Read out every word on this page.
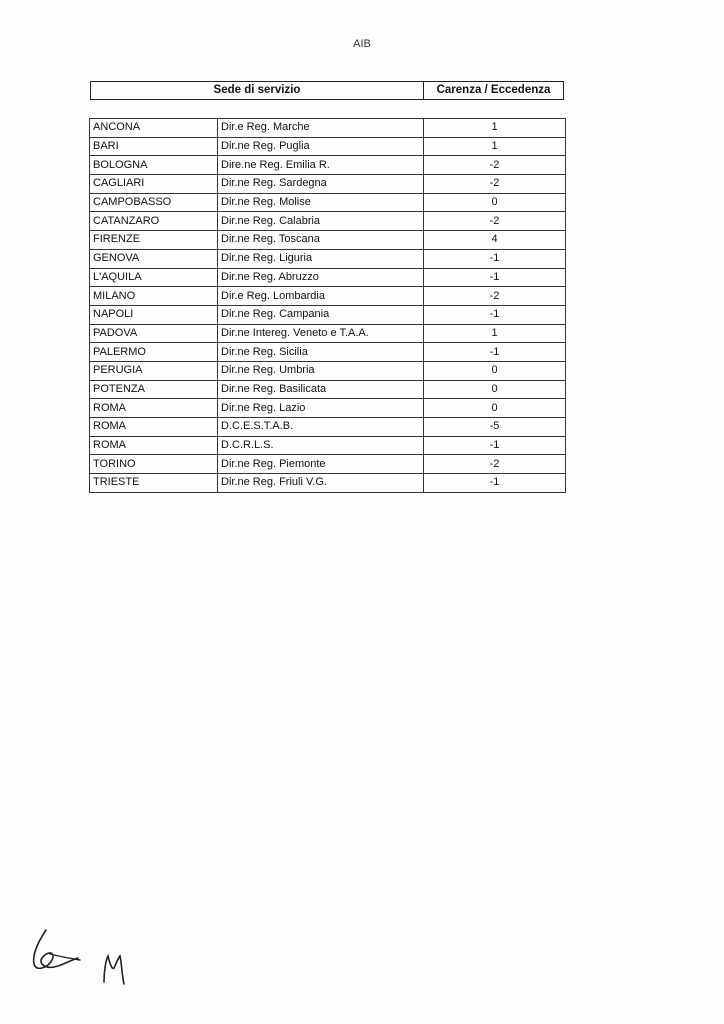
AIB
Sede di servizio	Carenza / Eccedenza
ANCONA	Dir.e Reg. Marche	1
BARI	Dir.ne Reg. Puglia	1
BOLOGNA	Dire.ne Reg. Emilia R.	-2
CAGLIARI	Dir.ne Reg. Sardegna	-2
CAMPOBASSO	Dir.ne Reg. Molise	0
CATANZARO	Dir.ne Reg. Calabria	-2
FIRENZE	Dir.ne Reg. Toscana	4
GENOVA	Dir.ne Reg. Liguria	-1
L'AQUILA	Dir.ne Reg. Abruzzo	-1
MILANO	Dir.e Reg. Lombardia	-2
NAPOLI	Dir.ne Reg. Campania	-1
PADOVA	Dir.ne Intereg. Veneto e T.A.A.	1
PALERMO	Dir.ne Reg. Sicilia	-1
PERUGIA	Dir.ne Reg. Umbria	0
POTENZA	Dir.ne Reg. Basilicata	0
ROMA	Dir.ne Reg. Lazio	0
ROMA	D.C.E.S.T.A.B.	-5
ROMA	D.C.R.L.S.	-1
TORINO	Dir.ne Reg. Piemonte	-2
TRIESTE	Dir.ne Reg. Friuli V.G.	-1
